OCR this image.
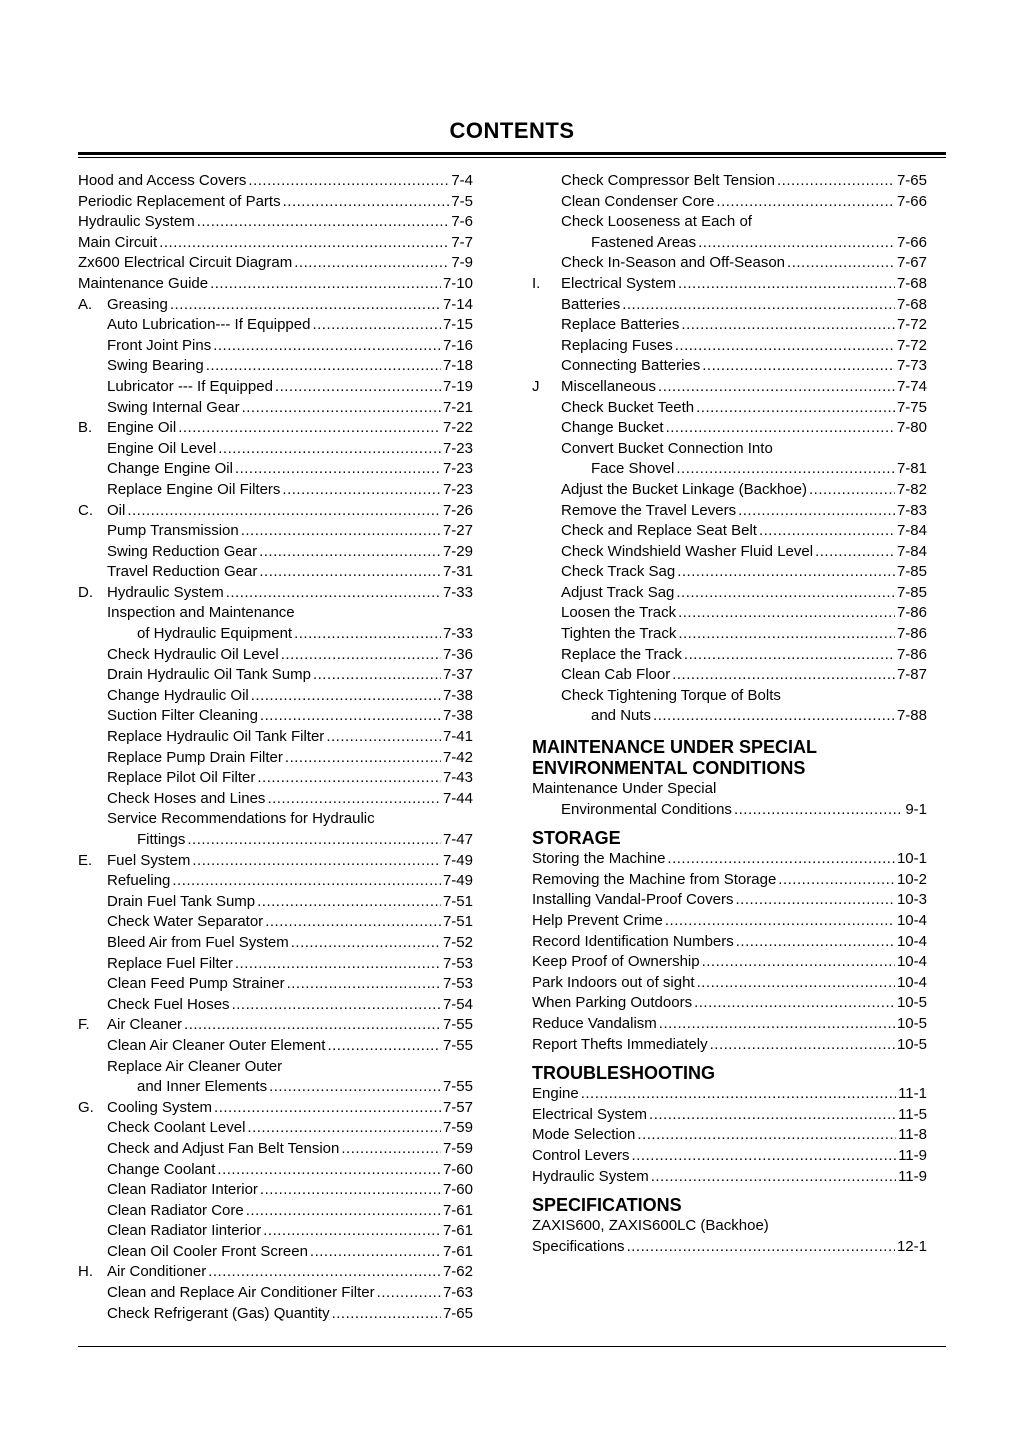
CONTENTS
Hood and Access Covers .....	7-4
Periodic Replacement of Parts .....	7-5
Hydraulic System .....	7-6
Main Circuit .....	7-7
Zx600 Electrical Circuit Diagram .....	7-9
Maintenance Guide .....	7-10
A. Greasing .....	7-14
Auto Lubrication--- If Equipped .....	7-15
Front Joint Pins .....	7-16
Swing Bearing .....	7-18
Lubricator --- If Equipped .....	7-19
Swing Internal Gear .....	7-21
B. Engine Oil .....	7-22
Engine Oil Level .....	7-23
Change Engine Oil .....	7-23
Replace Engine Oil Filters .....	7-23
C. Oil .....	7-26
Pump Transmission .....	7-27
Swing Reduction Gear .....	7-29
Travel Reduction Gear .....	7-31
D. Hydraulic System .....	7-33
Inspection and Maintenance
of Hydraulic Equipment .....	7-33
Check Hydraulic Oil Level .....	7-36
Drain Hydraulic Oil Tank Sump .....	7-37
Change Hydraulic Oil .....	7-38
Suction Filter Cleaning .....	7-38
Replace Hydraulic Oil Tank Filter .....	7-41
Replace Pump Drain Filter .....	7-42
Replace Pilot Oil Filter .....	7-43
Check Hoses and Lines .....	7-44
Service Recommendations for Hydraulic
Fittings .....	7-47
E. Fuel System .....	7-49
Refueling .....	7-49
Drain Fuel Tank Sump .....	7-51
Check Water Separator .....	7-51
Bleed Air from Fuel System .....	7-52
Replace Fuel Filter .....	7-53
Clean Feed Pump Strainer .....	7-53
Check Fuel Hoses .....	7-54
F. Air Cleaner .....	7-55
Clean Air Cleaner Outer Element .....	7-55
Replace Air Cleaner Outer
and Inner Elements .....	7-55
G. Cooling System .....	7-57
Check Coolant Level .....	7-59
Check and Adjust Fan Belt Tension .....	7-59
Change Coolant .....	7-60
Clean Radiator Interior .....	7-60
Clean Radiator Core .....	7-61
Clean Radiator Iinterior .....	7-61
Clean Oil Cooler Front Screen .....	7-61
H. Air Conditioner .....	7-62
Clean and Replace Air Conditioner Filter .....	7-63
Check Refrigerant (Gas) Quantity .....	7-65
Check Compressor Belt Tension .....	7-65
Clean Condenser Core .....	7-66
Check Looseness at Each of
Fastened Areas .....	7-66
Check In-Season and Off-Season .....	7-67
I. Electrical System .....	7-68
Batteries .....	7-68
Replace Batteries .....	7-72
Replacing Fuses .....	7-72
Connecting Batteries .....	7-73
J Miscellaneous .....	7-74
Check Bucket Teeth .....	7-75
Change Bucket .....	7-80
Convert Bucket Connection Into
Face Shovel .....	7-81
Adjust the Bucket Linkage (Backhoe) .....	7-82
Remove the Travel Levers .....	7-83
Check and Replace Seat Belt .....	7-84
Check Windshield Washer Fluid Level .....	7-84
Check Track Sag .....	7-85
Adjust Track Sag .....	7-85
Loosen the Track .....	7-86
Tighten the Track .....	7-86
Replace the Track .....	7-86
Clean Cab Floor .....	7-87
Check Tightening Torque of Bolts
and Nuts .....	7-88
MAINTENANCE UNDER SPECIAL
ENVIRONMENTAL CONDITIONS
Maintenance Under Special
Environmental Conditions .....	9-1
STORAGE
Storing the Machine .....	10-1
Removing the Machine from Storage .....	10-2
Installing Vandal-Proof Covers .....	10-3
Help Prevent Crime .....	10-4
Record Identification Numbers .....	10-4
Keep Proof of Ownership .....	10-4
Park Indoors out of sight .....	10-4
When Parking Outdoors .....	10-5
Reduce Vandalism .....	10-5
Report Thefts Immediately .....	10-5
TROUBLESHOOTING
Engine .....	11-1
Electrical System .....	11-5
Mode Selection .....	11-8
Control Levers .....	11-9
Hydraulic System .....	11-9
SPECIFICATIONS
ZAXIS600, ZAXIS600LC (Backhoe)
Specifications .....	12-1
